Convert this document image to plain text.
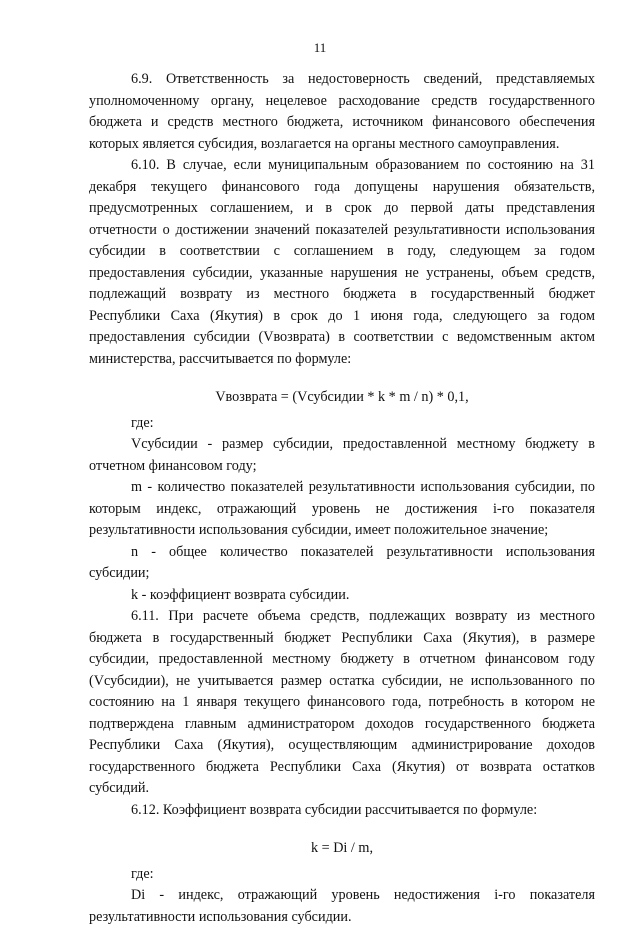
11

6.9. Ответственность за недостоверность сведений, представляемых уполномоченному органу, нецелевое расходование средств государственного бюджета и средств местного бюджета, источником финансового обеспечения которых является субсидия, возлагается на органы местного самоуправления.

6.10. В случае, если муниципальным образованием по состоянию на 31 декабря текущего финансового года допущены нарушения обязательств, предусмотренных соглашением, и в срок до первой даты представления отчетности о достижении значений показателей результативности использования субсидии в соответствии с соглашением в году, следующем за годом предоставления субсидии, указанные нарушения не устранены, объем средств, подлежащий возврату из местного бюджета в государственный бюджет Республики Саха (Якутия) в срок до 1 июня года, следующего за годом предоставления субсидии (Vвозврата) в соответствии с ведомственным актом министерства, рассчитывается по формуле:

Vвозврата = (Vсубсидии * k * m / n) * 0,1,

где:

Vсубсидии - размер субсидии, предоставленной местному бюджету в отчетном финансовом году;

m - количество показателей результативности использования субсидии, по которым индекс, отражающий уровень не достижения i-го показателя результативности использования субсидии, имеет положительное значение;

n - общее количество показателей результативности использования субсидии;

k - коэффициент возврата субсидии.

6.11. При расчете объема средств, подлежащих возврату из местного бюджета в государственный бюджет Республики Саха (Якутия), в размере субсидии, предоставленной местному бюджету в отчетном финансовом году (Vсубсидии), не учитывается размер остатка субсидии, не использованного по состоянию на 1 января текущего финансового года, потребность в котором не подтверждена главным администратором доходов государственного бюджета Республики Саха (Якутия), осуществляющим администрирование доходов государственного бюджета Республики Саха (Якутия) от возврата остатков субсидий.

6.12. Коэффициент возврата субсидии рассчитывается по формуле:

k = Di / m,

где:

Di - индекс, отражающий уровень недостижения i-го показателя результативности использования субсидии.
